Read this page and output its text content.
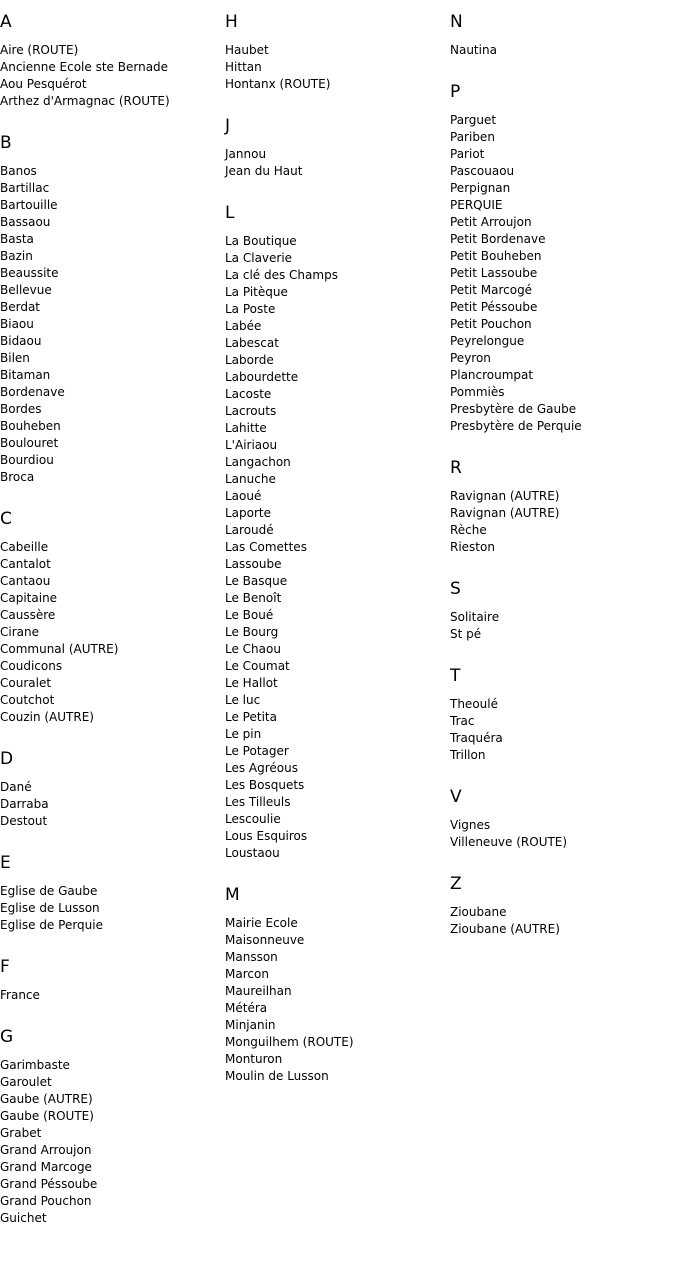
A
Aire (ROUTE)
Ancienne Ecole ste Bernade
Aou Pesquérot
Arthez d'Armagnac (ROUTE)
B
Banos
Bartillac
Bartouille
Bassaou
Basta
Bazin
Beaussite
Bellevue
Berdat
Biaou
Bidaou
Bilen
Bitaman
Bordenave
Bordes
Bouheben
Boulouret
Bourdiou
Broca
C
Cabeille
Cantalot
Cantaou
Capitaine
Caussère
Cirane
Communal (AUTRE)
Coudicons
Couralet
Coutchot
Couzin (AUTRE)
D
Dané
Darraba
Destout
E
Eglise de Gaube
Eglise de Lusson
Eglise de Perquie
F
France
G
Garimbaste
Garoulet
Gaube (AUTRE)
Gaube (ROUTE)
Grabet
Grand Arroujon
Grand Marcoge
Grand Péssoube
Grand Pouchon
Guichet
H
Haubet
Hittan
Hontanx (ROUTE)
J
Jannou
Jean du Haut
L
La Boutique
La Claverie
La clé des Champs
La Pitèque
La Poste
Labée
Labescat
Laborde
Labourdette
Lacoste
Lacrouts
Lahitte
L'Airiaou
Langachon
Lanuche
Laoué
Laporte
Laroudé
Las Comettes
Lassoube
Le Basque
Le Benoît
Le Boué
Le Bourg
Le Chaou
Le Coumat
Le Hallot
Le luc
Le Petita
Le pin
Le Potager
Les Agréous
Les Bosquets
Les Tilleuls
Lescoulie
Lous Esquiros
Loustaou
M
Mairie Ecole
Maisonneuve
Mansson
Marcon
Maureilhan
Météra
Minjanin
Monguilhem (ROUTE)
Monturon
Moulin de Lusson
N
Nautina
P
Parguet
Pariben
Pariot
Pascouaou
Perpignan
PERQUIE
Petit Arroujon
Petit Bordenave
Petit Bouheben
Petit Lassoube
Petit Marcogé
Petit Péssoube
Petit Pouchon
Peyrelongue
Peyron
Plancroumpat
Pommiès
Presbytère de Gaube
Presbytère de Perquie
R
Ravignan (AUTRE)
Ravignan (AUTRE)
Rèche
Rieston
S
Solitaire
St pé
T
Theoulé
Trac
Traquéra
Trillon
V
Vignes
Villeneuve (ROUTE)
Z
Zioubane
Zioubane (AUTRE)
